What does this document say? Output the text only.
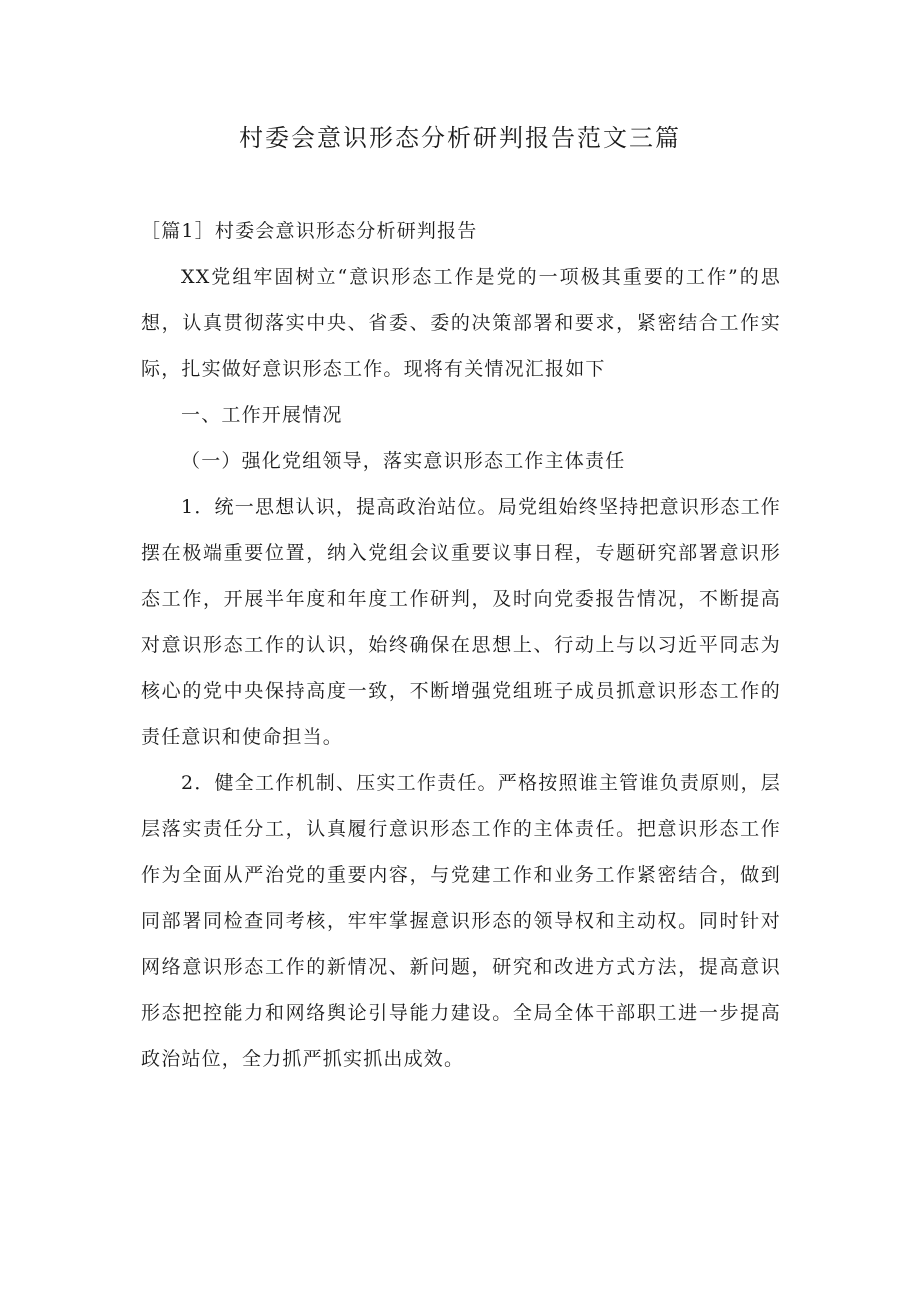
村委会意识形态分析研判报告范文三篇

［篇1］村委会意识形态分析研判报告

XX党组牢固树立“意识形态工作是党的一项极其重要的工作”的思想，认真贯彻落实中央、省委、委的决策部署和要求，紧密结合工作实际，扎实做好意识形态工作。现将有关情况汇报如下

一、工作开展情况

（一）强化党组领导，落实意识形态工作主体责任

1．统一思想认识，提高政治站位。局党组始终坚持把意识形态工作摆在极端重要位置，纳入党组会议重要议事日程，专题研究部署意识形态工作，开展半年度和年度工作研判，及时向党委报告情况，不断提高对意识形态工作的认识，始终确保在思想上、行动上与以习近平同志为核心的党中央保持高度一致，不断增强党组班子成员抓意识形态工作的责任意识和使命担当。

2．健全工作机制、压实工作责任。严格按照谁主管谁负责原则，层层落实责任分工，认真履行意识形态工作的主体责任。把意识形态工作作为全面从严治党的重要内容，与党建工作和业务工作紧密结合，做到同部署同检查同考核，牢牢掌握意识形态的领导权和主动权。同时针对网络意识形态工作的新情况、新问题，研究和改进方式方法，提高意识形态把控能力和网络舆论引导能力建设。全局全体干部职工进一步提高政治站位，全力抓严抓实抓出成效。
